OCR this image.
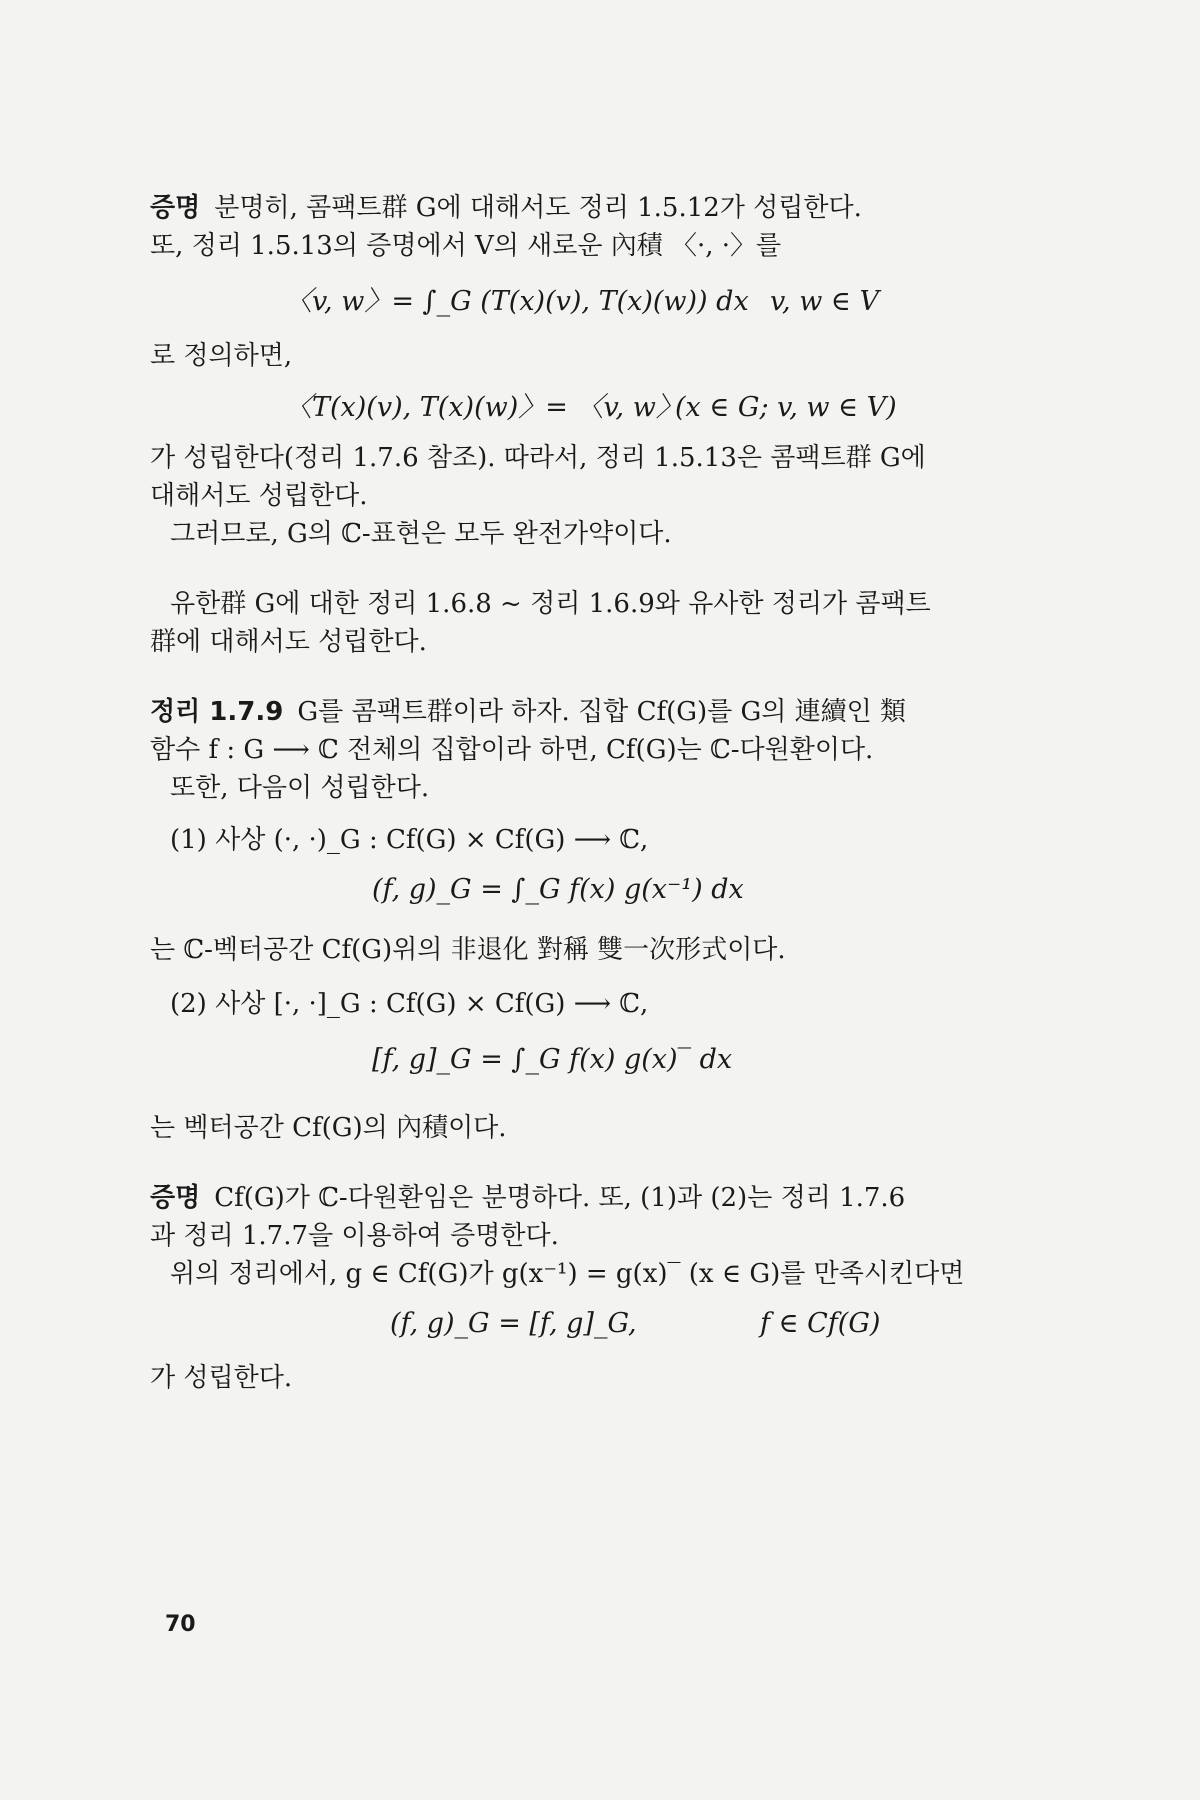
증명 분명히, 콤팩트群 G에 대해서도 정리 1.5.12가 성립한다.
또, 정리 1.5.13의 증명에서 V의 새로운 內積 〈·, ·〉를
〈v, w〉= ∫_G (T(x)(v), T(x)(w)) dx v, w ∈ V
로 정의하면,
〈T(x)(v), T(x)(w)〉= 〈v, w〉
(x ∈ G; v, w ∈ V)
가 성립한다(정리 1.7.6 참조). 따라서, 정리 1.5.13은 콤팩트群 G에
대해서도 성립한다.
그러므로, G의 ℂ-표현은 모두 완전가약이다.
유한群 G에 대한 정리 1.6.8 ~ 정리 1.6.9와 유사한 정리가 콤팩트
群에 대해서도 성립한다.
정리 1.7.9 G를 콤팩트群이라 하자. 집합 Cf(G)를 G의 連續인 類
함수 f : G ⟶ ℂ 전체의 집합이라 하면, Cf(G)는 ℂ-다원환이다.
또한, 다음이 성립한다.
(1) 사상 (·, ·)_G : Cf(G) × Cf(G) ⟶ ℂ,
(f, g)_G = ∫_G f(x) g(x⁻¹) dx
는 ℂ-벡터공간 Cf(G)위의 非退化 對稱 雙一次形式이다.
(2) 사상 [·, ·]_G : Cf(G) × Cf(G) ⟶ ℂ,
[f, g]_G = ∫_G f(x) g(x)‾ dx
는 벡터공간 Cf(G)의 內積이다.
증명 Cf(G)가 ℂ-다원환임은 분명하다. 또, (1)과 (2)는 정리 1.7.6
과 정리 1.7.7을 이용하여 증명한다.
위의 정리에서, g ∈ Cf(G)가 g(x⁻¹) = g(x)‾ (x ∈ G)를 만족시킨다면
(f, g)_G = [f, g]_G,	f ∈ Cf(G)
가 성립한다.
70
